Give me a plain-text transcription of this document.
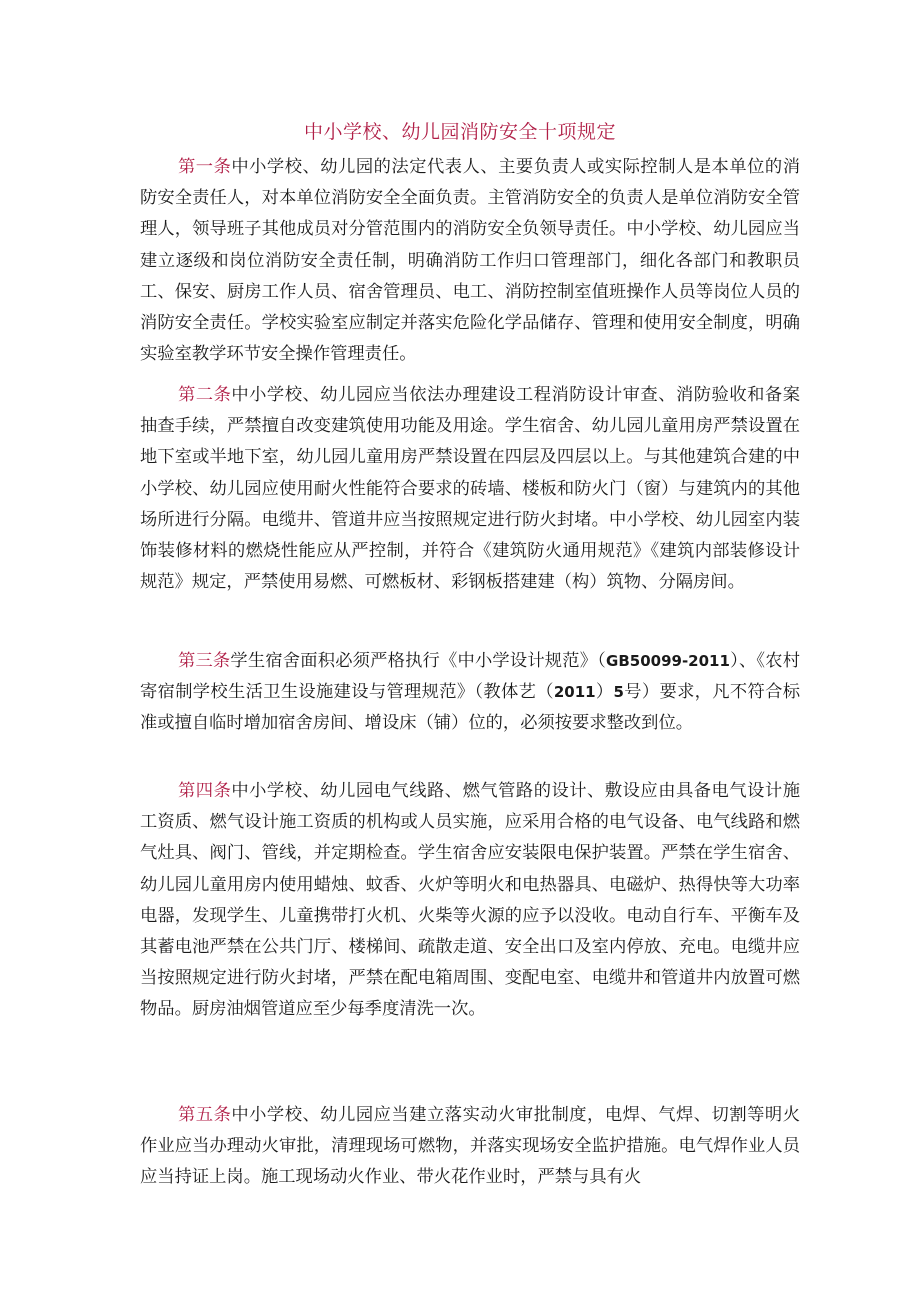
中小学校、幼儿园消防安全十项规定

第一条中小学校、幼儿园的法定代表人、主要负责人或实际控制人是本单位的消防安全责任人，对本单位消防安全全面负责。主管消防安全的负责人是单位消防安全管理人，领导班子其他成员对分管范围内的消防安全负领导责任。中小学校、幼儿园应当建立逐级和岗位消防安全责任制，明确消防工作归口管理部门，细化各部门和教职员工、保安、厨房工作人员、宿舍管理员、电工、消防控制室值班操作人员等岗位人员的消防安全责任。学校实验室应制定并落实危险化学品储存、管理和使用安全制度，明确实验室教学环节安全操作管理责任。

第二条中小学校、幼儿园应当依法办理建设工程消防设计审查、消防验收和备案抽查手续，严禁擅自改变建筑使用功能及用途。学生宿舍、幼儿园儿童用房严禁设置在地下室或半地下室，幼儿园儿童用房严禁设置在四层及四层以上。与其他建筑合建的中小学校、幼儿园应使用耐火性能符合要求的砖墙、楼板和防火门（窗）与建筑内的其他场所进行分隔。电缆井、管道井应当按照规定进行防火封堵。中小学校、幼儿园室内装饰装修材料的燃烧性能应从严控制，并符合《建筑防火通用规范》《建筑内部装修设计规范》规定，严禁使用易燃、可燃板材、彩钢板搭建建（构）筑物、分隔房间。

第三条学生宿舍面积必须严格执行《中小学设计规范》（GB50099-2011）、《农村寄宿制学校生活卫生设施建设与管理规范》（教体艺（2011）5号）要求，凡不符合标准或擅自临时增加宿舍房间、增设床（铺）位的，必须按要求整改到位。

第四条中小学校、幼儿园电气线路、燃气管路的设计、敷设应由具备电气设计施工资质、燃气设计施工资质的机构或人员实施，应采用合格的电气设备、电气线路和燃气灶具、阀门、管线，并定期检查。学生宿舍应安装限电保护装置。严禁在学生宿舍、幼儿园儿童用房内使用蜡烛、蚊香、火炉等明火和电热器具、电磁炉、热得快等大功率电器，发现学生、儿童携带打火机、火柴等火源的应予以没收。电动自行车、平衡车及其蓄电池严禁在公共门厅、楼梯间、疏散走道、安全出口及室内停放、充电。电缆井应当按照规定进行防火封堵，严禁在配电箱周围、变配电室、电缆井和管道井内放置可燃物品。厨房油烟管道应至少每季度清洗一次。

第五条中小学校、幼儿园应当建立落实动火审批制度，电焊、气焊、切割等明火作业应当办理动火审批，清理现场可燃物，并落实现场安全监护措施。电气焊作业人员应当持证上岗。施工现场动火作业、带火花作业时，严禁与具有火
